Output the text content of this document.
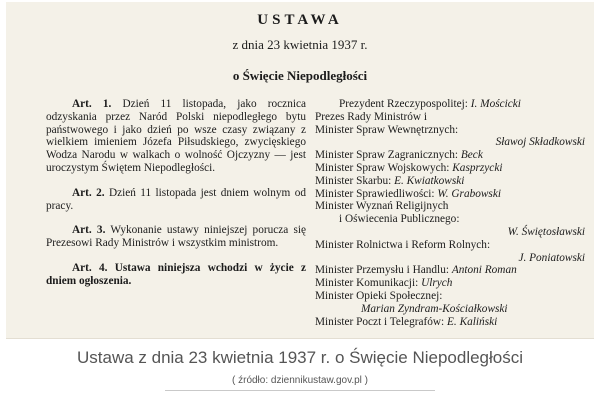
USTAWA
z dnia 23 kwietnia 1937 r.
o Święcie Niepodległości

Art. 1. Dzień 11 listopada, jako rocznica odzyskania przez Naród Polski niepodległego bytu państwowego i jako dzień po wsze czasy związany z wielkiem imieniem Józefa Piłsudskiego, zwycięskiego Wodza Narodu w walkach o wolność Ojczyzny — jest uroczystym Świętem Niepodległości.

Art. 2. Dzień 11 listopada jest dniem wolnym od pracy.

Art. 3. Wykonanie ustawy niniejszej porucza się Prezesowi Rady Ministrów i wszystkim ministrom.

Art. 4. Ustawa niniejsza wchodzi w życie z dniem ogłoszenia.

Prezydent Rzeczypospolitej: I. Mościcki
Prezes Rady Ministrów i
Minister Spraw Wewnętrznych:
Sławoj Składkowski
Minister Spraw Zagranicznych: Beck
Minister Spraw Wojskowych: Kasprzycki
Minister Skarbu: E. Kwiatkowski
Minister Sprawiedliwości: W. Grabowski
Minister Wyznań Religijnych
i Oświecenia Publicznego:
W. Świętosławski
Minister Rolnictwa i Reform Rolnych:
J. Poniatowski
Minister Przemysłu i Handlu: Antoni Roman
Minister Komunikacji: Ulrych
Minister Opieki Społecznej:
Marian Zyndram-Kościałkowski
Minister Poczt i Telegrafów: E. Kaliński
Ustawa z dnia 23 kwietnia 1937 r. o Święcie Niepodległości
( źródło: dziennikustaw.gov.pl )
